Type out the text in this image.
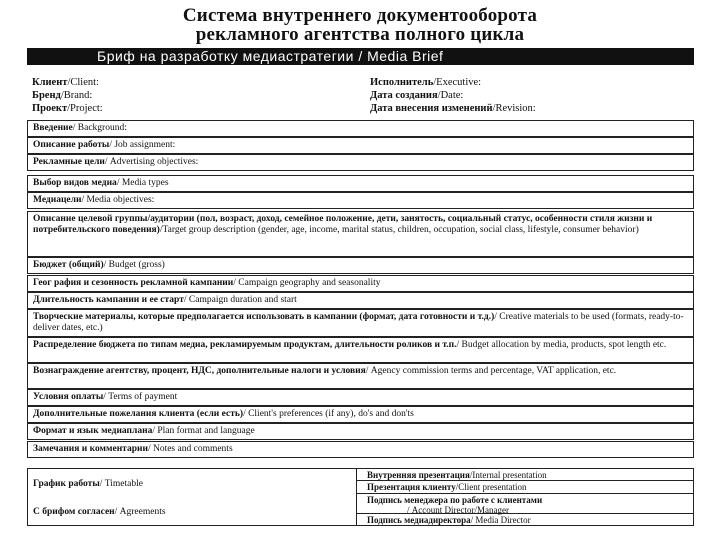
Система внутреннего документооборота
рекламного агентства полного цикла
Бриф на разработку медиастратегии / Media Brief
Клиент/Client:
Бренд/Brand:
Проект/Project:
Исполнитель/Executive:
Дата создания/Date:
Дата внесения изменений/Revision:
Введение/ Background:
Описание работы/ Job assignment:
Рекламные цели/ Advertising objectives:
Выбор видов медиа/ Media types
Медиацели/ Media objectives:
Описание целевой группы/аудитории (пол, возраст, доход, семейное положение, дети, занятость, социальный статус, особенности стиля жизни и потребительского поведения)/Target group description (gender, age, income, marital status, children, occupation, social class, lifestyle, consumer behavior)
Бюджет (общий)/ Budget (gross)
Геог рафия и сезонность рекламной кампании/ Campaign geography and seasonality
Длительность кампании и ее старт/ Campaign duration and start
Творческие материалы, которые предполагается использовать в кампании (формат, дата готовности и т.д.)/ Creative materials to be used (formats, ready-to-deliver dates, etc.)
Распределение бюджета по типам медиа, рекламируемым продуктам, длительности роликов и т.п./ Budget allocation by media, products, spot length etc.
Вознаграждение агентству, процент, НДС, дополнительные налоги и условия/ Agency commission terms and percentage, VAT application, etc.
Условия оплаты/ Terms of payment
Дополнительные пожелания клиента (если есть)/ Client's preferences (if any), do's and don'ts
Формат и язык медиаплана/ Plan format and language
Замечания и комментарии/ Notes and comments
График работы/ Timetable
С брифом согласен/ Agreements
Внутренняя презентация/Internal presentation
Презентация клиенту/Client presentation
Подпись менеджера по работе с клиентами
/ Account Director/Manager
Подпись медиадиректора/ Media Director
